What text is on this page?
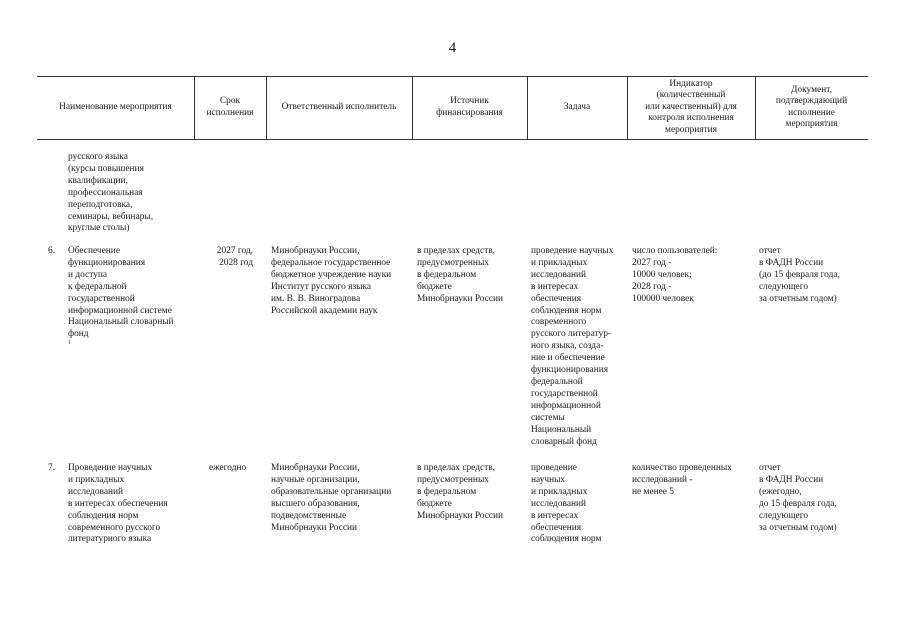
4
Наименование мероприятия
Срок
исполнения
Ответственный исполнитель
Источник
финансирования
Задача
Индикатор
(количественный
или качественный) для
контроля исполнения
мероприятия
Документ,
подтверждающий
исполнение
мероприятия
русского языка
(курсы повышения
квалификации,
профессиональная
переподготовка,
семинары, вебинары,
круглые столы)
6. Обеспечение
функционирования
и доступа
к федеральной
государственной
информационной системе
Национальный словарный
фонд
$^1$
2027 год,
2028 год
Минобрнауки России,
федеральное государственное
бюджетное учреждение науки
Институт русского языка
им. В. В. Виноградова
Российской академии наук
в пределах средств,
предусмотренных
в федеральном
бюджете
Минобрнауки России
проведение научных
и прикладных
исследований
в интересах
обеспечения
соблюдения норм
современного
русского литератур-
ного языка, созда-
ние и обеспечение
функционирования
федеральной
государственной
информационной
системы
Национальный
словарный фонд
число пользователей:
2027 год -
10000 человек;
2028 год -
100000 человек
отчет
в ФАДН России
(до 15 февраля года,
следующего
за отчетным годом)
7. Проведение научных
и прикладных
исследований
в интересах обеспечения
соблюдения норм
современного русского
литературного языка
ежегодно	Минобрнауки России,
научные организации,
образовательные организации
высшего образования,
подведомственные
Минобрнауки России
в пределах средств,
предусмотренных
в федеральном
бюджете
Минобрнауки России
проведение
научных
и прикладных
исследований
в интересах
обеспечения
соблюдения норм
количество проведенных
исследований -
не менее 5
отчет
в ФАДН России
(ежегодно,
до 15 февраля года,
следующего
за отчетным годом)
